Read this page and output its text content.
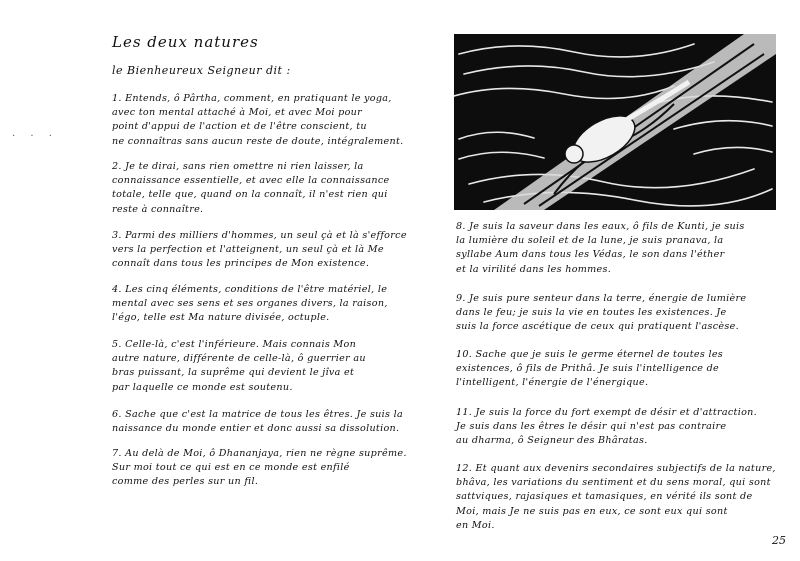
Les deux natures
le Bienheureux Seigneur dit :
. . .
1. Entends, ô Pârtha, comment, en pratiquant le yoga,
avec ton mental attaché à Moi, et avec Moi pour
point d'appui de l'action et de l'être conscient, tu
ne connaîtras sans aucun reste de doute, intégralement.
2. Je te dirai, sans rien omettre ni rien laisser, la
connaissance essentielle, et avec elle la connaissance
totale, telle que, quand on la connaît, il n'est rien qui
reste à connaître.
3. Parmi des milliers d'hommes, un seul çà et là s'efforce
vers la perfection et l'atteignent, un seul çà et là Me
connaît dans tous les principes de Mon existence.
4. Les cinq éléments, conditions de l'être matériel, le
mental avec ses sens et ses organes divers, la raison,
l'égo, telle est Ma nature divisée, octuple.
5. Celle-là, c'est l'inférieure. Mais connais Mon
autre nature, différente de celle-là, ô guerrier au
bras puissant, la suprême qui devient le jîva et
par laquelle ce monde est soutenu.
6. Sache que c'est la matrice de tous les êtres. Je suis la
naissance du monde entier et donc aussi sa dissolution.
7. Au delà de Moi, ô Dhananjaya, rien ne règne suprême.
Sur moi tout ce qui est en ce monde est enfilé
comme des perles sur un fil.
8. Je suis la saveur dans les eaux, ô fils de Kunti, je suis
la lumière du soleil et de la lune, je suis pranava, la
syllabe Aum dans tous les Védas, le son dans l'éther
et la virilité dans les hommes.
9. Je suis pure senteur dans la terre, énergie de lumière
dans le feu; je suis la vie en toutes les existences. Je
suis la force ascétique de ceux qui pratiquent l'ascèse.
10. Sache que je suis le germe éternel de toutes les
existences, ô fils de Prithâ. Je suis l'intelligence de
l'intelligent, l'énergie de l'énergique.
11. Je suis la force du fort exempt de désir et d'attraction.
Je suis dans les êtres le désir qui n'est pas contraire
au dharma, ô Seigneur des Bhâratas.
12. Et quant aux devenirs secondaires subjectifs de la nature,
bhâva, les variations du sentiment et du sens moral, qui sont
sattviques, rajasiques et tamasiques, en vérité ils sont de
Moi, mais Je ne suis pas en eux, ce sont eux qui sont
en Moi.
25
